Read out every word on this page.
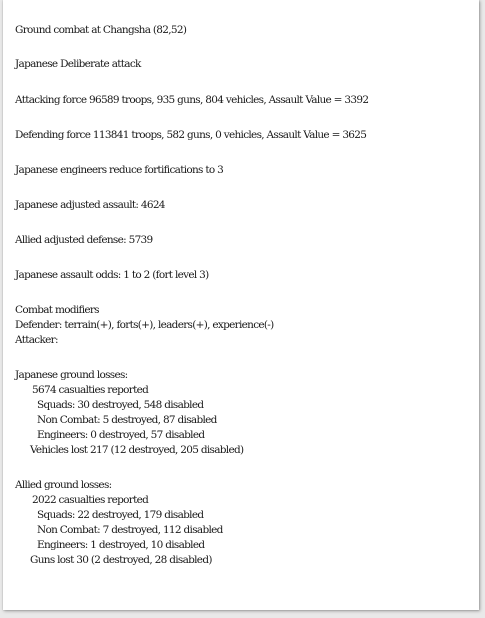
Ground combat at Changsha (82,52)
Japanese Deliberate attack
Attacking force 96589 troops, 935 guns, 804 vehicles, Assault Value = 3392
Defending force 113841 troops, 582 guns, 0 vehicles, Assault Value = 3625
Japanese engineers reduce fortifications to 3
Japanese adjusted assault: 4624
Allied adjusted defense: 5739
Japanese assault odds: 1 to 2 (fort level 3)
Combat modifiers
Defender: terrain(+), forts(+), leaders(+), experience(-)
Attacker:
Japanese ground losses:
5674 casualties reported
Squads: 30 destroyed, 548 disabled
Non Combat: 5 destroyed, 87 disabled
Engineers: 0 destroyed, 57 disabled
Vehicles lost 217 (12 destroyed, 205 disabled)
Allied ground losses:
2022 casualties reported
Squads: 22 destroyed, 179 disabled
Non Combat: 7 destroyed, 112 disabled
Engineers: 1 destroyed, 10 disabled
Guns lost 30 (2 destroyed, 28 disabled)
